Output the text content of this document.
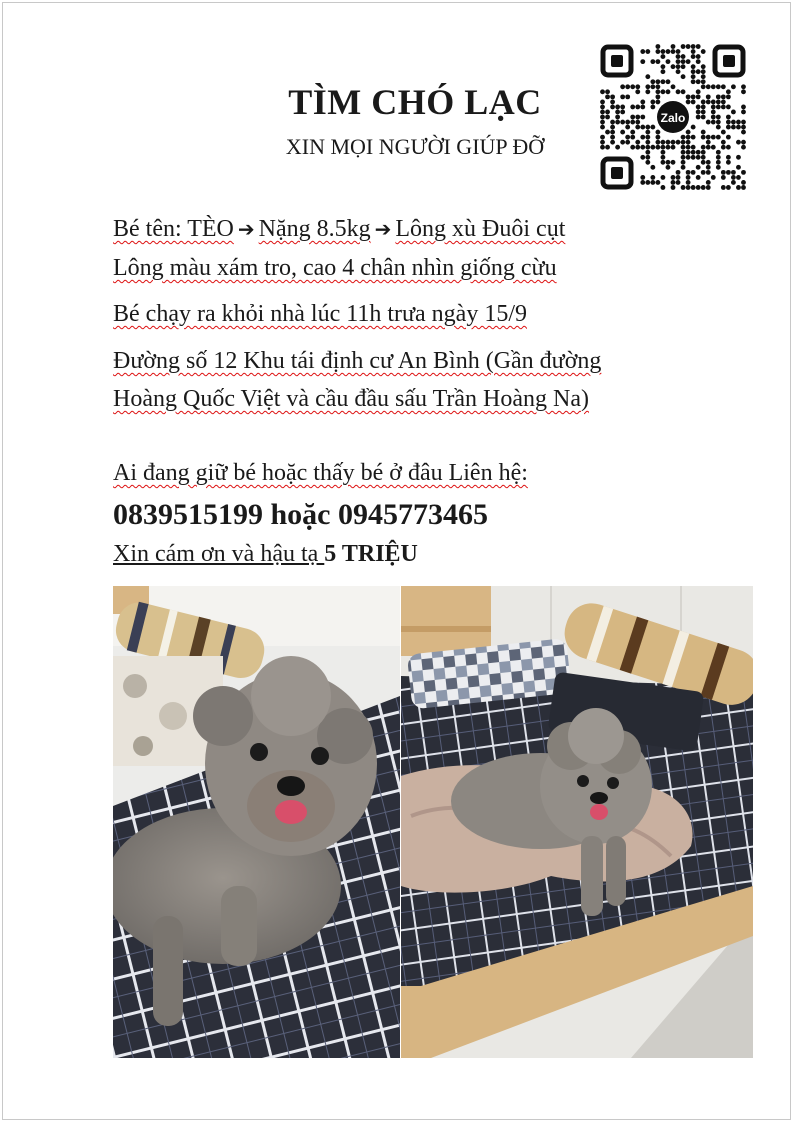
TÌM CHÓ LẠC
XIN MỌI NGƯỜI GIÚP ĐỠ
Zalo
Bé tên: TÈO ➔ Nặng 8.5kg ➔ Lông xù Đuôi cụt
Lông màu xám tro, cao 4 chân nhìn giống cừu
Bé chạy ra khỏi nhà lúc 11h trưa ngày 15/9
Đường số 12 Khu tái định cư An Bình (Gần đường
Hoàng Quốc Việt và cầu đầu sấu Trần Hoàng Na)
Ai đang giữ bé hoặc thấy bé ở đâu Liên hệ:
0839515199 hoặc 0945773465
Xin cám ơn và hậu tạ 5 TRIỆU
